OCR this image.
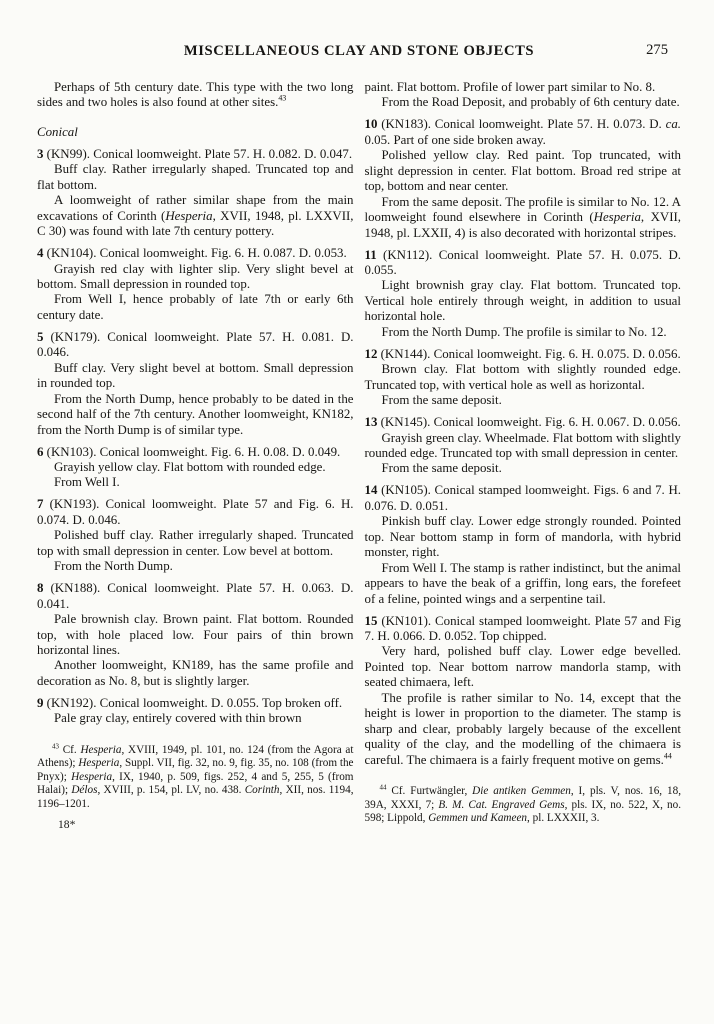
MISCELLANEOUS CLAY AND STONE OBJECTS	275

Perhaps of 5th century date. This type with the two long sides and two holes is also found at other sites.$^{43}$

Conical

3 (KN99). Conical loomweight. Plate 57. H. 0.082. D. 0.047.

Buff clay. Rather irregularly shaped. Truncated top and flat bottom.

A loomweight of rather similar shape from the main excavations of Corinth (Hesperia, XVII, 1948, pl. LXXVII, C 30) was found with late 7th century pottery.

4 (KN104). Conical loomweight. Fig. 6. H. 0.087. D. 0.053.

Grayish red clay with lighter slip. Very slight bevel at bottom. Small depression in rounded top.

From Well I, hence probably of late 7th or early 6th century date.

5 (KN179). Conical loomweight. Plate 57. H. 0.081. D. 0.046.

Buff clay. Very slight bevel at bottom. Small depression in rounded top.

From the North Dump, hence probably to be dated in the second half of the 7th century. Another loomweight, KN182, from the North Dump is of similar type.

6 (KN103). Conical loomweight. Fig. 6. H. 0.08. D. 0.049.

Grayish yellow clay. Flat bottom with rounded edge.

From Well I.

7 (KN193). Conical loomweight. Plate 57 and Fig. 6. H. 0.074. D. 0.046.

Polished buff clay. Rather irregularly shaped. Truncated top with small depression in center. Low bevel at bottom.

From the North Dump.

8 (KN188). Conical loomweight. Plate 57. H. 0.063. D. 0.041.

Pale brownish clay. Brown paint. Flat bottom. Rounded top, with hole placed low. Four pairs of thin brown horizontal lines.

Another loomweight, KN189, has the same profile and decoration as No. 8, but is slightly larger.

9 (KN192). Conical loomweight. D. 0.055. Top broken off.

Pale gray clay, entirely covered with thin brown

$^{43}$ Cf. Hesperia, XVIII, 1949, pl. 101, no. 124 (from the Agora at Athens); Hesperia, Suppl. VII, fig. 32, no. 9, fig. 35, no. 108 (from the Pnyx); Hesperia, IX, 1940, p. 509, figs. 252, 4 and 5, 255, 5 (from Halai); Délos, XVIII, p. 154, pl. LV, no. 438. Corinth, XII, nos. 1194, 1196–1201.

18*

paint. Flat bottom. Profile of lower part similar to No. 8.

From the Road Deposit, and probably of 6th century date.

10 (KN183). Conical loomweight. Plate 57. H. 0.073. D. ca. 0.05. Part of one side broken away.

Polished yellow clay. Red paint. Top truncated, with slight depression in center. Flat bottom. Broad red stripe at top, bottom and near center.

From the same deposit. The profile is similar to No. 12. A loomweight found elsewhere in Corinth (Hesperia, XVII, 1948, pl. LXXII, 4) is also decorated with horizontal stripes.

11 (KN112). Conical loomweight. Plate 57. H. 0.075. D. 0.055.

Light brownish gray clay. Flat bottom. Truncated top. Vertical hole entirely through weight, in addition to usual horizontal hole.

From the North Dump. The profile is similar to No. 12.

12 (KN144). Conical loomweight. Fig. 6. H. 0.075. D. 0.056.

Brown clay. Flat bottom with slightly rounded edge. Truncated top, with vertical hole as well as horizontal.

From the same deposit.

13 (KN145). Conical loomweight. Fig. 6. H. 0.067. D. 0.056.

Grayish green clay. Wheelmade. Flat bottom with slightly rounded edge. Truncated top with small depression in center.

From the same deposit.

14 (KN105). Conical stamped loomweight. Figs. 6 and 7. H. 0.076. D. 0.051.

Pinkish buff clay. Lower edge strongly rounded. Pointed top. Near bottom stamp in form of mandorla, with hybrid monster, right.

From Well I. The stamp is rather indistinct, but the animal appears to have the beak of a griffin, long ears, the forefeet of a feline, pointed wings and a serpentine tail.

15 (KN101). Conical stamped loomweight. Plate 57 and Fig 7. H. 0.066. D. 0.052. Top chipped.

Very hard, polished buff clay. Lower edge bevelled. Pointed top. Near bottom narrow mandorla stamp, with seated chimaera, left.

The profile is rather similar to No. 14, except that the height is lower in proportion to the diameter. The stamp is sharp and clear, probably largely because of the excellent quality of the clay, and the modelling of the chimaera is careful. The chimaera is a fairly frequent motive on gems.$^{44}$

$^{44}$ Cf. Furtwängler, Die antiken Gemmen, I, pls. V, nos. 16, 18, 39A, XXXI, 7; B. M. Cat. Engraved Gems, pls. IX, no. 522, X, no. 598; Lippold, Gemmen und Kameen, pl. LXXXII, 3.
